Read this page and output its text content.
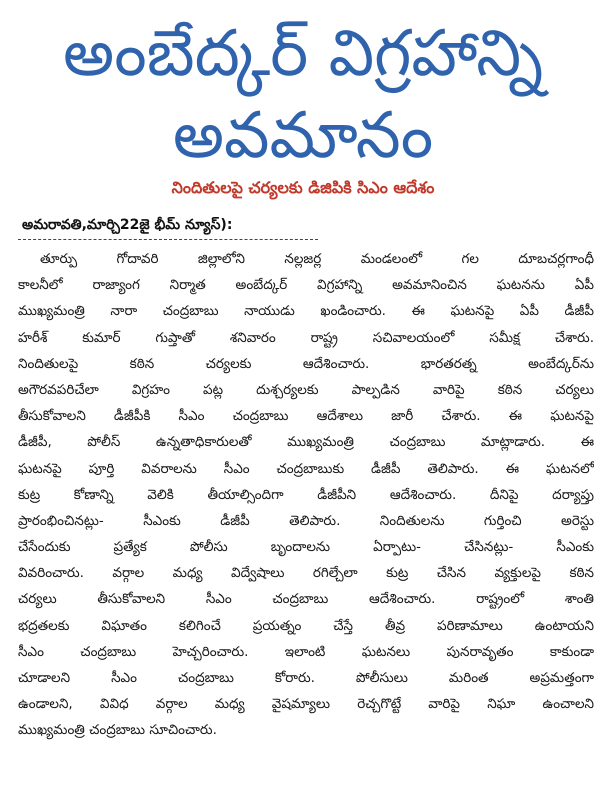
అంబేద్కర్ విగ్రహాన్ని
అవమానం
నిందితులపై చర్యలకు డిజిపికి సిఎం ఆదేశం
అమరావతి,మార్చి22జై భీమ్ న్యూస్):
తూర్పు గోదావరి జిల్లాలోని నల్లజర్ల మండలంలో గల దూబచర్లగాంధీ
కాలనీలో రాజ్యాంగ నిర్మాత అంబేద్కర్ విగ్రహాన్ని అవమానించిన ఘటనను ఏపీ
ముఖ్యమంత్రి నారా చంద్రబాబు నాయుడు ఖండించారు. ఈ ఘటనపై ఏపీ డీజీపీ
హరీశ్ కుమార్ గుప్తాతో శనివారం రాష్ట్ర సచివాలయంలో సమీక్ష చేశారు.
నిందితులపై కఠిన చర్యలకు ఆదేశించారు. భారతరత్న అంబేద్కర్‌ను
అగౌరవపరిచేలా విగ్రహం పట్ల దుశ్చర్యలకు పాల్పడిన వారిపై కఠిన చర్యలు
తీసుకోవాలని డీజీపీకి సీఎం చంద్రబాబు ఆదేశాలు జారీ చేశారు. ఈ ఘటనపై
డీజీపీ, పోలీస్ ఉన్నతాధికారులతో ముఖ్యమంత్రి చంద్రబాబు మాట్లాడారు. ఈ
ఘటనపై పూర్తి వివరాలను సీఎం చంద్రబాబుకు డీజీపీ తెలిపారు. ఈ ఘటనలో
కుట్ర కోణాన్ని వెలికి తీయాల్సిందిగా డీజీపీని ఆదేశించారు. దీనిపై దర్యాప్తు
ప్రారంభించినట్లు- సీఎంకు డీజీపీ తెలిపారు. నిందితులను గుర్తించి అరెస్టు
చేసేందుకు ప్రత్యేక పోలీసు బృందాలను ఏర్పాటు- చేసినట్లు- సీఎంకు
వివరించారు. వర్గాల మధ్య విద్వేషాలు రగిల్చేలా కుట్ర చేసిన వ్యక్తులపై కఠిన
చర్యలు తీసుకోవాలని సీఎం చంద్రబాబు ఆదేశించారు. రాష్ట్రంలో శాంతి
భద్రతలకు విఘాతం కలిగించే ప్రయత్నం చేస్తే తీవ్ర పరిణామాలు ఉంటాయని
సీఎం చంద్రబాబు హెచ్చరించారు. ఇలాంటి ఘటనలు పునరావృతం కాకుండా
చూడాలని సీఎం చంద్రబాబు కోరారు. పోలీసులు మరింత అప్రమత్తంగా
ఉండాలని, వివిధ వర్గాల మధ్య వైషమ్యాలు రెచ్చగొట్టే వారిపై నిఘా ఉంచాలని
ముఖ్యమంత్రి చంద్రబాబు సూచించారు.
